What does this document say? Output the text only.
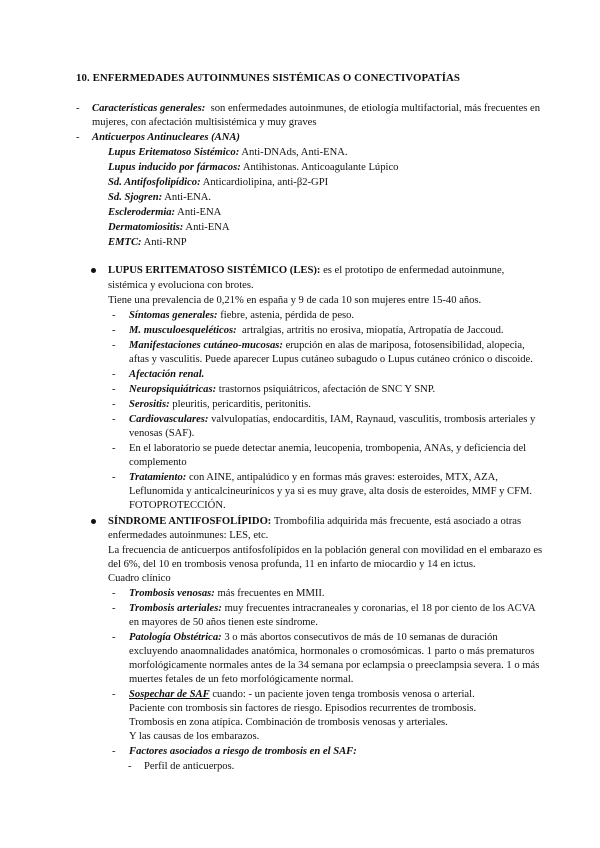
10. ENFERMEDADES AUTOINMUNES SISTÉMICAS O CONECTIVOPATÍAS
- Características generales: son enfermedades autoinmunes, de etiología multifactorial, más frecuentes en
mujeres, con afectación multisistémica y muy graves
- Anticuerpos Antinucleares (ANA)
Lupus Eritematoso Sistémico: Anti-DNAds, Anti-ENA.
Lupus inducido por fármacos: Antihistonas. Anticoagulante Lúpico
Sd. Antifosfolipídico: Anticardiolipina, anti-β2-GPI
Sd. Sjogren: Anti-ENA.
Esclerodermia: Anti-ENA
Dermatomiositis: Anti-ENA
EMTC: Anti-RNP
LUPUS ERITEMATOSO SISTÉMICO (LES): es el prototipo de enfermedad autoinmune,
sistémica y evoluciona con brotes.
Tiene una prevalencia de 0,21% en españa y 9 de cada 10 son mujeres entre 15-40 años.
- Síntomas generales: fiebre, astenia, pérdida de peso.
- M. musculoesqueléticos: artralgias, artritis no erosiva, miopatía, Artropatía de Jaccoud.
- Manifestaciones cutáneo-mucosas: erupción en alas de mariposa, fotosensibilidad, alopecia,
aftas y vasculitis. Puede aparecer Lupus cutáneo subagudo o Lupus cutáneo crónico o discoide.
- Afectación renal.
- Neuropsiquiátricas: trastornos psiquiátricos, afectación de SNC Y SNP.
- Serositis: pleuritis, pericarditis, peritonitis.
- Cardiovasculares: valvulopatías, endocarditis, IAM, Raynaud, vasculitis, trombosis arteriales y
venosas (SAF).
- En el laboratorio se puede detectar anemia, leucopenia, trombopenia, ANAs, y deficiencia del
complemento
- Tratamiento: con AINE, antipalúdico y en formas más graves: esteroides, MTX, AZA,
Leflunomida y anticalcineurínicos y ya si es muy grave, alta dosis de esteroides, MMF y CFM.
FOTOPROTECCIÓN.
SÍNDROME ANTIFOSFOLÍPIDO: Trombofilia adquirida más frecuente, está asociado a otras
enfermedades autoinmunes: LES, etc.
La frecuencia de anticuerpos antifosfolípidos en la población general con movilidad en el embarazo es
del 6%, del 10 en trombosis venosa profunda, 11 en infarto de miocardio y 14 en ictus.
Cuadro clínico
- Trombosis venosas: más frecuentes en MMII.
- Trombosis arteriales: muy frecuentes intracraneales y coronarias, el 18 por ciento de los ACVA
en mayores de 50 años tienen este síndrome.
- Patología Obstétrica: 3 o más abortos consecutivos de más de 10 semanas de duración
excluyendo anaomnalidades anatómica, hormonales o cromosómicas. 1 parto o más prematuros
morfológicamente normales antes de la 34 semana por eclampsia o preeclampsia severa. 1 o más
muertes fetales de un feto morfológicamente normal.
- Sospechar de SAF cuando: - un paciente joven tenga trombosis venosa o arterial.
Paciente con trombosis sin factores de riesgo. Episodios recurrentes de trombosis.
Trombosis en zona atípica. Combinación de trombosis venosas y arteriales.
Y las causas de los embarazos.
- Factores asociados a riesgo de trombosis en el SAF:
- Perfil de anticuerpos.
